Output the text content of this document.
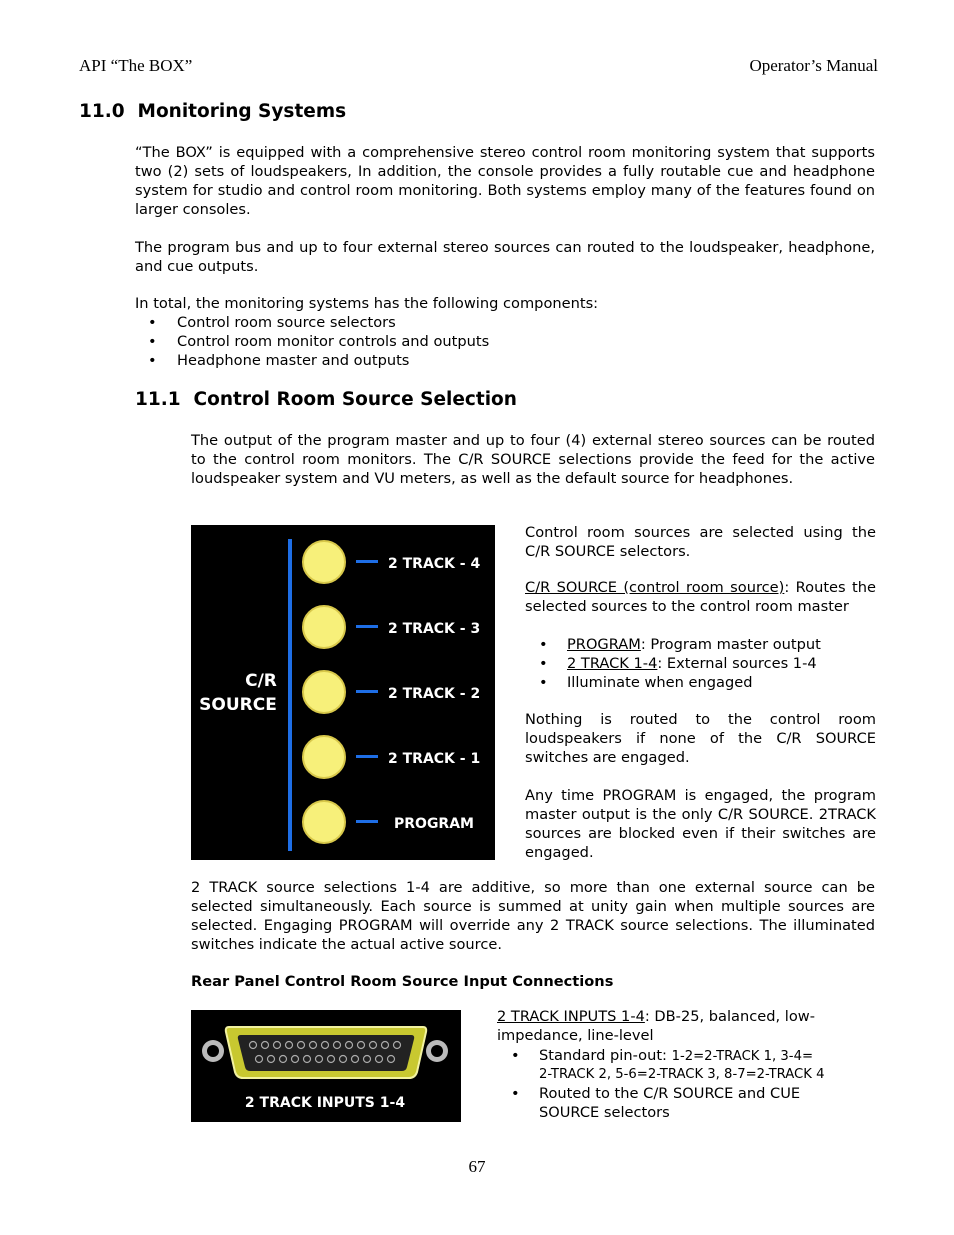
API “The BOX”	Operator’s Manual
11.0 Monitoring Systems

“The BOX” is equipped with a comprehensive stereo control room monitoring system that supports two (2) sets of loudspeakers, In addition, the console provides a fully routable cue and headphone system for studio and control room monitoring. Both systems employ many of the features found on larger consoles.

The program bus and up to four external stereo sources can routed to the loudspeaker, headphone, and cue outputs.

In total, the monitoring systems has the following components:

• Control room source selectors
• Control room monitor controls and outputs
• Headphone master and outputs
11.1 Control Room Source Selection

The output of the program master and up to four (4) external stereo sources can be routed to the control room monitors. The C/R SOURCE selections provide the feed for the active loudspeaker system and VU meters, as well as the default source for headphones.

C/R
SOURCE
2 TRACK - 4
2 TRACK - 3
2 TRACK - 2
2 TRACK - 1
PROGRAM

Control room sources are selected using the C/R SOURCE selectors.

C/R SOURCE (control room source): Routes the selected sources to the control room master

• PROGRAM: Program master output
• 2 TRACK 1-4: External sources 1-4
• Illuminate when engaged

Nothing is routed to the control room loudspeakers if none of the C/R SOURCE switches are engaged.

Any time PROGRAM is engaged, the program master output is the only C/R SOURCE. 2TRACK sources are blocked even if their switches are engaged.

2 TRACK source selections 1-4 are additive, so more than one external source can be selected simultaneously. Each source is summed at unity gain when multiple sources are selected. Engaging PROGRAM will override any 2 TRACK source selections. The illuminated switches indicate the actual active source.

Rear Panel Control Room Source Input Connections
2 TRACK INPUTS 1-4
2 TRACK INPUTS 1-4: DB-25, balanced, low-
impedance, line-level
• Standard pin-out: 1-2=2-TRACK 1, 3-4=
2-TRACK 2, 5-6=2-TRACK 3, 8-7=2-TRACK 4
• Routed to the C/R SOURCE and CUE
SOURCE selectors
67
